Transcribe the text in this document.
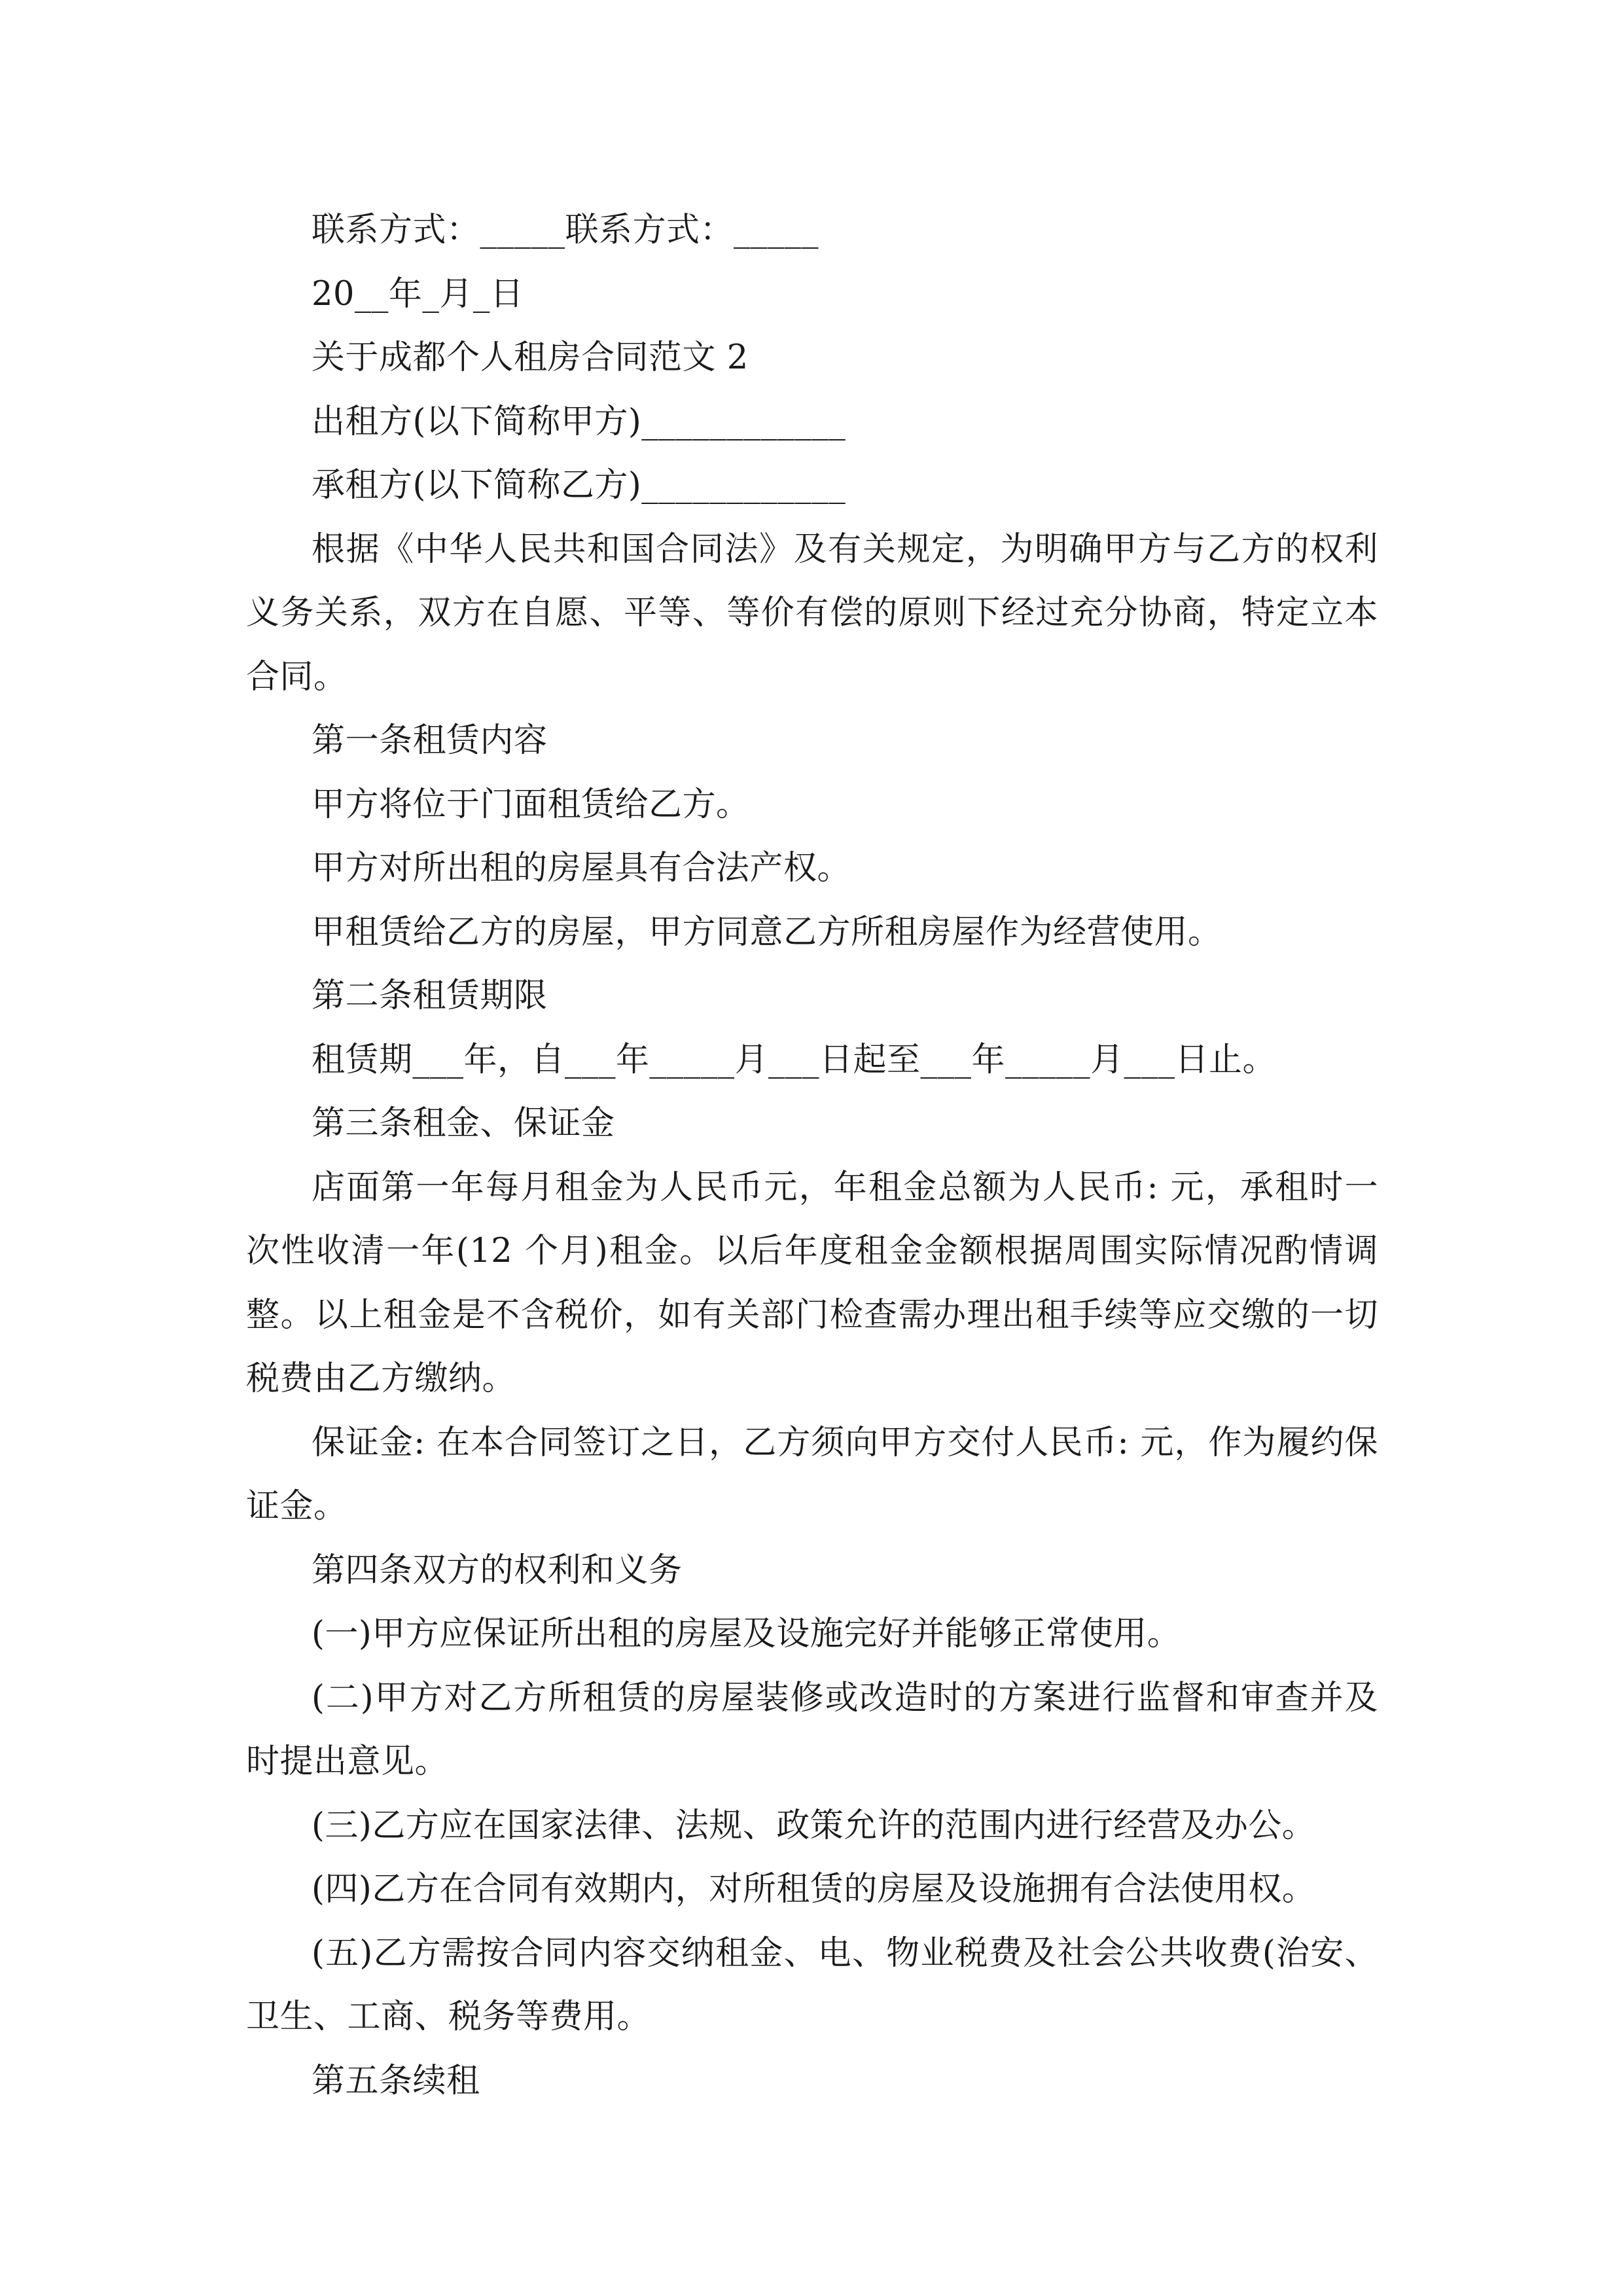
联系方式：_____联系方式：_____
20__年_月_日
关于成都个人租房合同范文 2
出租方(以下简称甲方)____________
承租方(以下简称乙方)____________

根据《中华人民共和国合同法》及有关规定，为明确甲方与乙方的权利义务关系，双方在自愿、平等、等价有偿的原则下经过充分协商，特定立本合同。

第一条租赁内容
甲方将位于门面租赁给乙方。
甲方对所出租的房屋具有合法产权。
甲租赁给乙方的房屋，甲方同意乙方所租房屋作为经营使用。
第二条租赁期限
租赁期___年，自___年_____月___日起至___年_____月___日止。
第三条租金、保证金

店面第一年每月租金为人民币元，年租金总额为人民币: 元，承租时一次性收清一年(12 个月)租金。以后年度租金金额根据周围实际情况酌情调整。以上租金是不含税价，如有关部门检查需办理出租手续等应交缴的一切税费由乙方缴纳。

保证金: 在本合同签订之日，乙方须向甲方交付人民币: 元，作为履约保证金。

第四条双方的权利和义务

(一)甲方应保证所出租的房屋及设施完好并能够正常使用。

(二)甲方对乙方所租赁的房屋装修或改造时的方案进行监督和审查并及时提出意见。

(三)乙方应在国家法律、法规、政策允许的范围内进行经营及办公。

(四)乙方在合同有效期内，对所租赁的房屋及设施拥有合法使用权。

(五)乙方需按合同内容交纳租金、电、物业税费及社会公共收费(治安、卫生、工商、税务等费用。

第五条续租
